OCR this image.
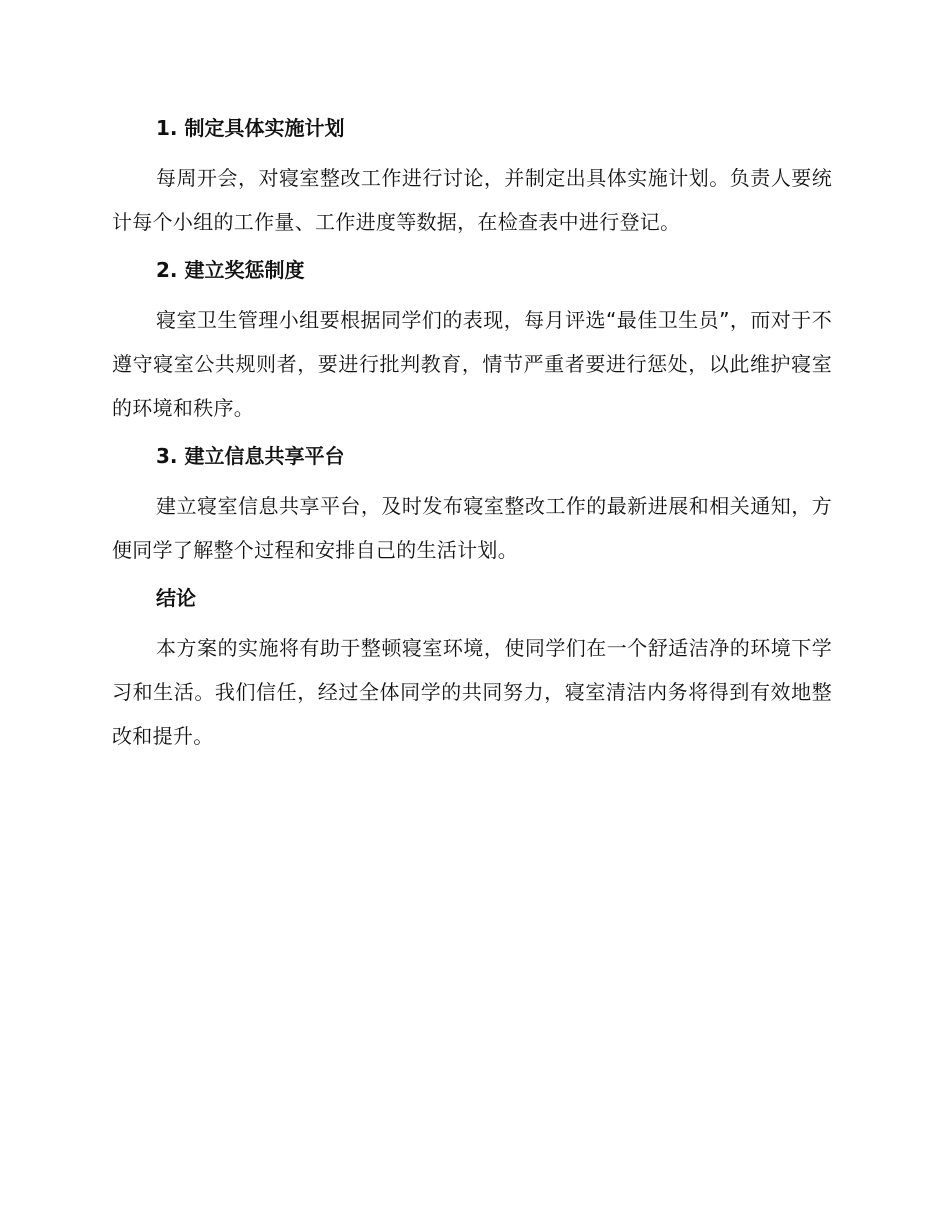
1. 制定具体实施计划

每周开会，对寝室整改工作进行讨论，并制定出具体实施计划。负责人要统计每个小组的工作量、工作进度等数据，在检查表中进行登记。

2. 建立奖惩制度

寝室卫生管理小组要根据同学们的表现，每月评选“最佳卫生员”，而对于不遵守寝室公共规则者，要进行批判教育，情节严重者要进行惩处，以此维护寝室的环境和秩序。

3. 建立信息共享平台

建立寝室信息共享平台，及时发布寝室整改工作的最新进展和相关通知，方便同学了解整个过程和安排自己的生活计划。

结论

本方案的实施将有助于整顿寝室环境，使同学们在一个舒适洁净的环境下学习和生活。我们信任，经过全体同学的共同努力，寝室清洁内务将得到有效地整改和提升。
